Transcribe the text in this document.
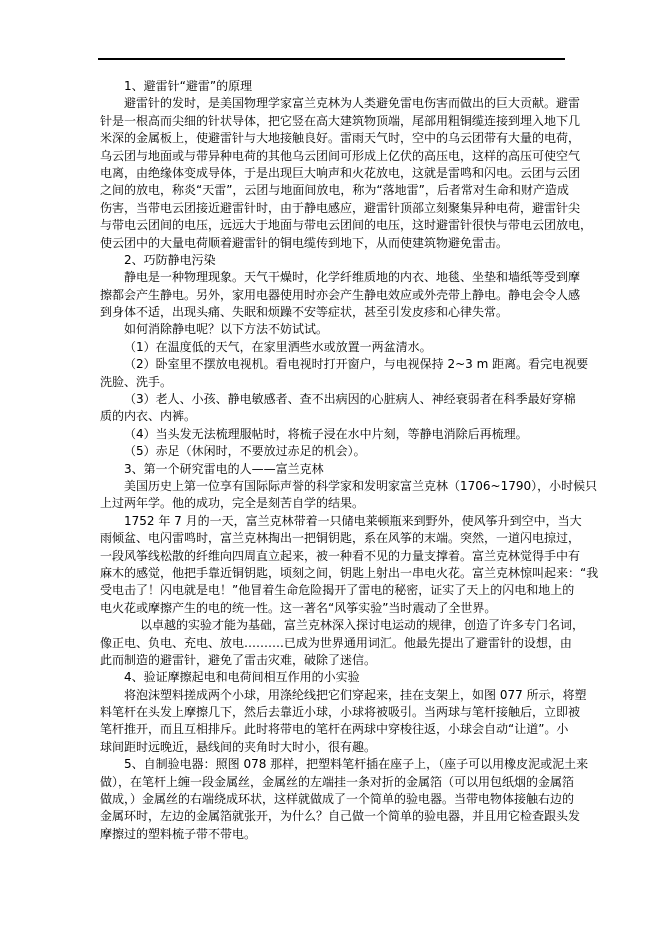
1、避雷针“避雷”的原理
避雷针的发时，是美国物理学家富兰克林为人类避免雷电伤害而做出的巨大贡献。避雷
针是一根高而尖细的针状导体，把它竖在高大建筑物顶端，尾部用粗铜缆连接到埋入地下几
米深的金属板上，使避雷针与大地接触良好。雷雨天气时，空中的乌云团带有大量的电荷，
乌云团与地面或与带异种电荷的其他乌云团间可形成上亿伏的高压电，这样的高压可使空气
电离，由绝缘体变成导体，于是出现巨大响声和火花放电，这就是雷鸣和闪电。云团与云团
之间的放电，称炎“天雷”，云团与地面间放电，称为“落地雷”，后者常对生命和财产造成
伤害，当带电云团接近避雷针时，由于静电感应，避雷针顶部立刻聚集异种电荷，避雷针尖
与带电云团间的电压，远远大于地面与带电云团间的电压，这时避雷针很快与带电云团放电，
使云团中的大量电荷顺着避雷针的铜电缆传到地下，从而使建筑物避免雷击。
2、巧防静电污染
静电是一种物理现象。天气干燥时，化学纤维质地的内衣、地毯、坐垫和墙纸等受到摩
擦都会产生静电。另外，家用电器使用时亦会产生静电效应或外壳带上静电。静电会令人感
到身体不适，出现头痛、失眠和烦躁不安等症状，甚至引发皮疹和心律失常。
如何消除静电呢？以下方法不妨试试。
（1）在温度低的天气，在家里洒些水或放置一两盆清水。
（2）卧室里不摆放电视机。看电视时打开窗户，与电视保持 2~3 m 距离。看完电视要
洗脸、洗手。
（3）老人、小孩、静电敏感者、查不出病因的心脏病人、神经衰弱者在科季最好穿棉
质的内衣、内裤。
（4）当头发无法梳理服帖时，将梳子浸在水中片刻，等静电消除后再梳理。
（5）赤足（休闲时，不要放过赤足的机会）。
3、第一个研究雷电的人——富兰克林
美国历史上第一位享有国际际声誉的科学家和发明家富兰克林（1706~1790），小时候只
上过两年学。他的成功，完全是刻苦自学的结果。
1752 年 7 月的一天，富兰克林带着一只储电莱顿瓶来到野外，使风筝升到空中，当大
雨倾盆、电闪雷鸣时，富兰克林掏出一把铜钥匙，系在风筝的末端。突然，一道闪电掠过，
一段风筝线松散的纤维向四周直立起来，被一种看不见的力量支撑着。富兰克林觉得手中有
麻木的感觉，他把手靠近铜钥匙，顷刻之间，钥匙上射出一串电火花。富兰克林惊叫起来：“我
受电击了！闪电就是电！”他冒着生命危险揭开了雷电的秘密，证实了天上的闪电和地上的
电火花或摩擦产生的电的统一性。这一著名“风筝实验”当时震动了全世界。
以卓越的实验才能为基础，富兰克林深入探讨电运动的规律，创造了许多专门名词，
像正电、负电、充电、放电……….已成为世界通用词汇。他最先提出了避雷针的设想，由
此而制造的避雷针，避免了雷击灾难，破除了迷信。
4、验证摩擦起电和电荷间相互作用的小实验
将泡沫塑料搓成两个小球，用涤纶线把它们穿起来，挂在支架上，如图 077 所示，将塑
料笔杆在头发上摩擦几下，然后去靠近小球，小球将被吸引。当两球与笔杆接触后，立即被
笔杆推开，而且互相排斥。此时将带电的笔杆在两球中穿梭往返，小球会自动“让道”。小
球间距时远晚近，悬线间的夹角时大时小，很有趣。
5、自制验电器：照图 078 那样，把塑料笔杆插在座子上，（座子可以用橡皮泥或泥土来
做），在笔杆上缠一段金属丝，金属丝的左端挂一条对折的金属箔（可以用包纸烟的金属箔
做成，）金属丝的右端绕成环状，这样就做成了一个简单的验电器。当带电物体接触右边的
金属环时，左边的金属箔就张开，为什么？自己做一个简单的验电器，并且用它检查跟头发
摩擦过的塑料梳子带不带电。
